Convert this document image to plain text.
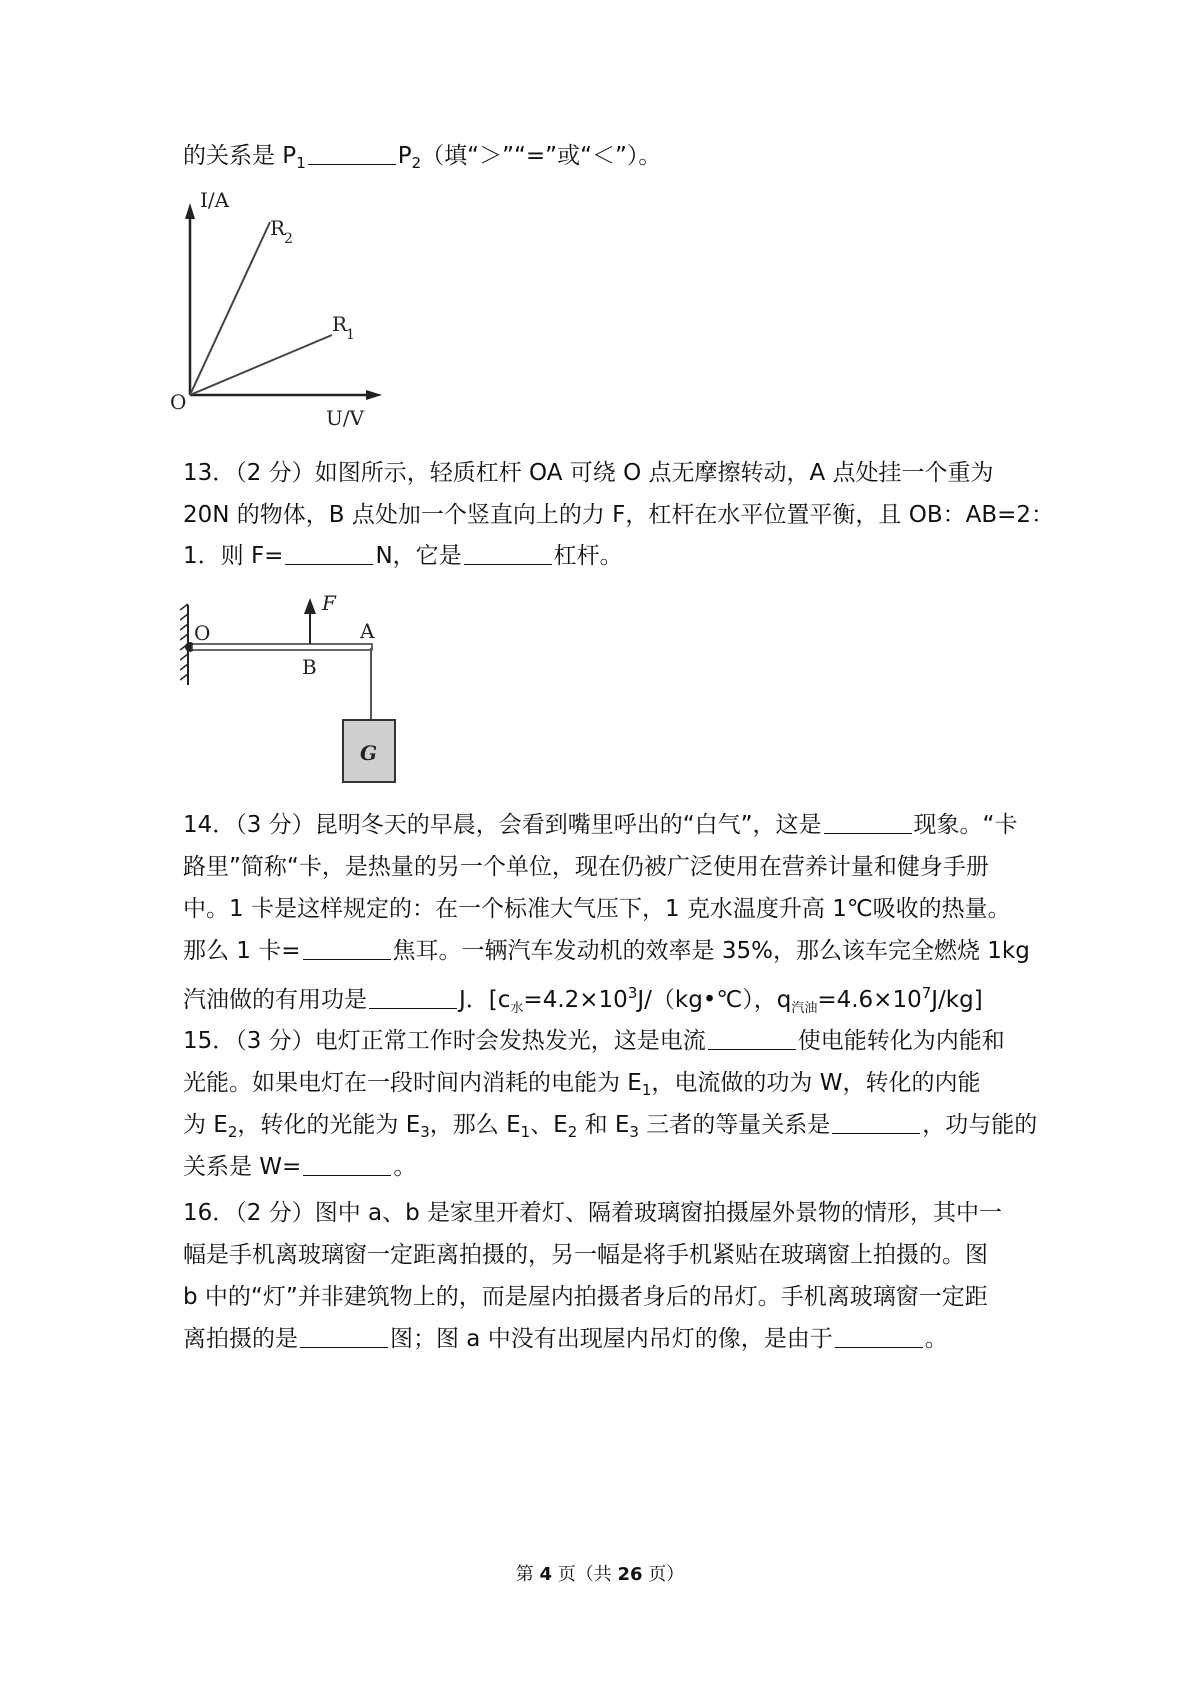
的关系是 $P_1$	$P_2$（填“＞”“=”或“＜”）。
I/A
U/V
O
R
2
R
1
13．（2 分）如图所示，轻质杠杆 OA 可绕 O 点无摩擦转动，A 点处挂一个重为
20N 的物体，B 点处加一个竖直向上的力 F，杠杆在水平位置平衡，且 OB：AB=2：
1．则 F=	N，它是	杠杆。
O
F
A
B
G
14．（3 分）昆明冬天的早晨，会看到嘴里呼出的“白气”，这是	现象。“卡
路里”简称“卡，是热量的另一个单位，现在仍被广泛使用在营养计量和健身手册
中。1 卡是这样规定的：在一个标准大气压下，1 克水温度升高 1℃吸收的热量。
那么 1 卡=	焦耳。一辆汽车发动机的效率是 35%，那么该车完全燃烧 1kg
汽油做的有用功是	J．[$c_水=4.2\times 10^3J/(kg•℃)$，$q_{汽油}=4.6\times 10^7J/kg$]
15．（3 分）电灯正常工作时会发热发光，这是电流	使电能转化为内能和
光能。如果电灯在一段时间内消耗的电能为 $E_1$，电流做的功为 W，转化的内能
为 $E_2$，转化的光能为 $E_3$，那么 $E_1$、$E_2$ 和 $E_3$ 三者的等量关系是	，功与能的
关系是 W=	。
16．（2 分）图中 a、b 是家里开着灯、隔着玻璃窗拍摄屋外景物的情形，其中一
幅是手机离玻璃窗一定距离拍摄的，另一幅是将手机紧贴在玻璃窗上拍摄的。图
b 中的“灯”并非建筑物上的，而是屋内拍摄者身后的吊灯。手机离玻璃窗一定距
离拍摄的是	图；图 a 中没有出现屋内吊灯的像，是由于	。
第 4 页（共 26 页）
